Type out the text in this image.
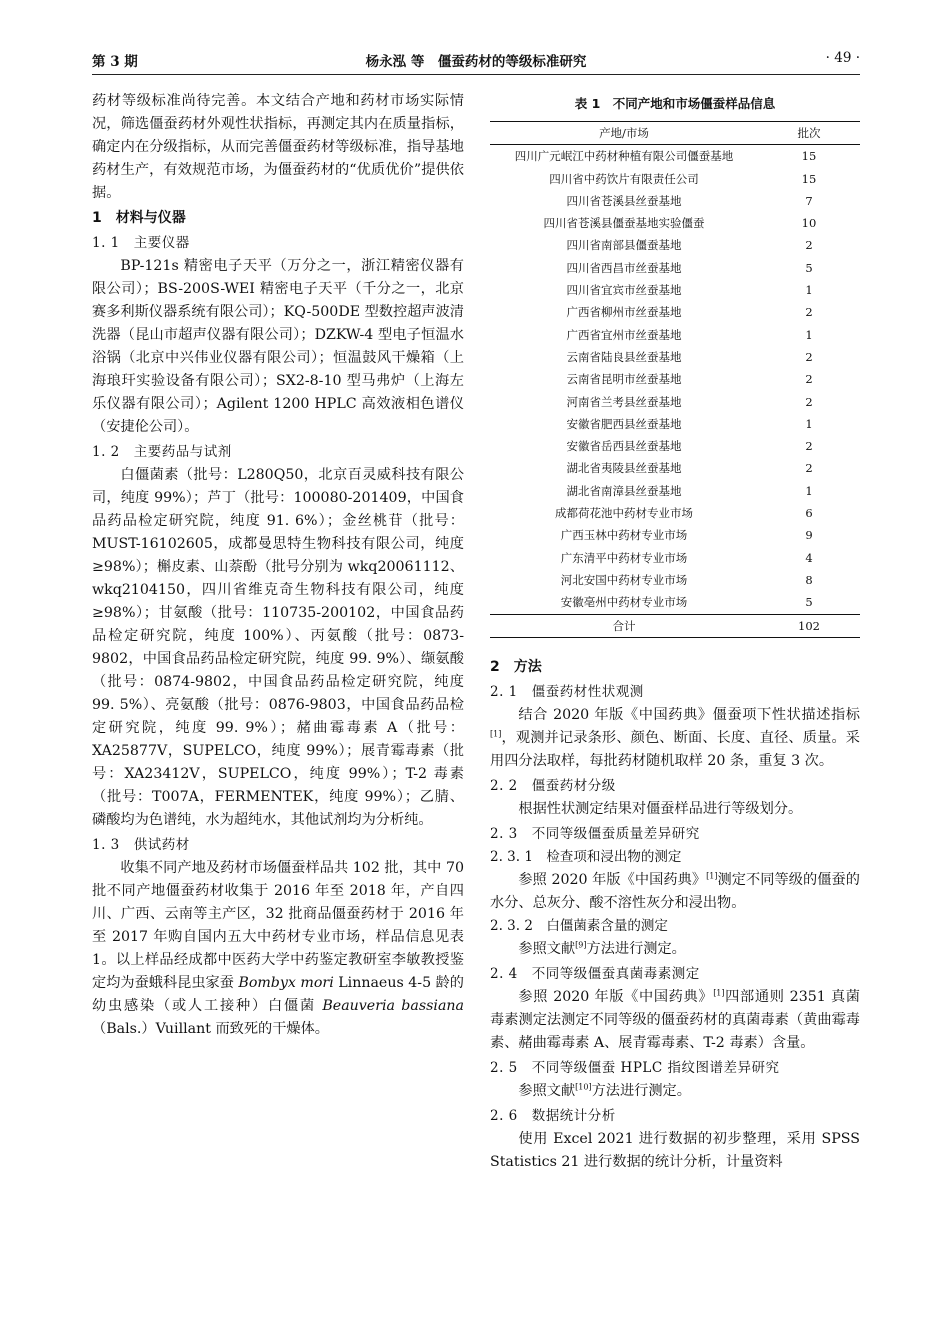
第 3 期	杨永泓 等　僵蚕药材的等级标准研究	· 49 ·

药材等级标准尚待完善。本文结合产地和药材市场实际情况，筛选僵蚕药材外观性状指标，再测定其内在质量指标，确定内在分级指标，从而完善僵蚕药材等级标准，指导基地药材生产，有效规范市场，为僵蚕药材的“优质优价”提供依据。

1　材料与仪器
1. 1　主要仪器

BP-121s 精密电子天平（万分之一，浙江精密仪器有限公司）；BS-200S-WEI 精密电子天平（千分之一，北京赛多利斯仪器系统有限公司）；KQ-500DE 型数控超声波清洗器（昆山市超声仪器有限公司）；DZKW-4 型电子恒温水浴锅（北京中兴伟业仪器有限公司）；恒温鼓风干燥箱（上海琅玕实验设备有限公司）；SX2-8-10 型马弗炉（上海左乐仪器有限公司）；Agilent 1200 HPLC 高效液相色谱仪（安捷伦公司）。

1. 2　主要药品与试剂

白僵菌素（批号：L280Q50，北京百灵威科技有限公司，纯度 99%）；芦丁（批号：100080-201409，中国食品药品检定研究院，纯度 91. 6%）；金丝桃苷（批号：MUST-16102605，成都曼思特生物科技有限公司，纯度≥98%）；槲皮素、山萘酚（批号分别为 wkq20061112、wkq2104150，四川省维克奇生物科技有限公司，纯度≥98%）；甘氨酸（批号：110735-200102，中国食品药品检定研究院，纯度 100%）、丙氨酸（批号：0873-9802，中国食品药品检定研究院，纯度 99. 9%）、缬氨酸（批号：0874-9802，中国食品药品检定研究院，纯度 99. 5%）、亮氨酸（批号：0876-9803，中国食品药品检定研究院，纯度 99. 9%）；赭曲霉毒素 A（批号：XA25877V，SUPELCO，纯度 99%）；展青霉毒素（批号：XA23412V，SUPELCO，纯度 99%）；T-2 毒素（批号：T007A，FERMENTEK，纯度 99%）；乙腈、磷酸均为色谱纯，水为超纯水，其他试剂均为分析纯。

1. 3　供试药材

收集不同产地及药材市场僵蚕样品共 102 批，其中 70 批不同产地僵蚕药材收集于 2016 年至 2018 年，产自四川、广西、云南等主产区，32 批商品僵蚕药材于 2016 年至 2017 年购自国内五大中药材专业市场，样品信息见表 1。以上样品经成都中医药大学中药鉴定教研室李敏教授鉴定均为蚕蛾科昆虫家蚕 Bombyx mori Linnaeus 4-5 龄的幼虫感染（或人工接种）白僵菌 Beauveria bassiana（Bals.）Vuillant 而致死的干燥体。

表 1　不同产地和市场僵蚕样品信息
产地/市场	批次
四川广元岷江中药材种植有限公司僵蚕基地	15
四川省中药饮片有限责任公司	15
四川省苍溪县丝蚕基地	7
四川省苍溪县僵蚕基地实验僵蚕	10
四川省南部县僵蚕基地	2
四川省西昌市丝蚕基地	5
四川省宜宾市丝蚕基地	1
广西省柳州市丝蚕基地	2
广西省宜州市丝蚕基地	1
云南省陆良县丝蚕基地	2
云南省昆明市丝蚕基地	2
河南省兰考县丝蚕基地	2
安徽省肥西县丝蚕基地	1
安徽省岳西县丝蚕基地	2
湖北省夷陵县丝蚕基地	2
湖北省南漳县丝蚕基地	1
成都荷花池中药材专业市场	6
广西玉林中药材专业市场	9
广东清平中药材专业市场	4
河北安国中药材专业市场	8
安徽亳州中药材专业市场	5
合计	102
2　方法
2. 1　僵蚕药材性状观测

结合 2020 年版《中国药典》僵蚕项下性状描述指标[1]，观测并记录条形、颜色、断面、长度、直径、质量。采用四分法取样，每批药材随机取样 20 条，重复 3 次。

2. 2　僵蚕药材分级

根据性状测定结果对僵蚕样品进行等级划分。

2. 3　不同等级僵蚕质量差异研究
2. 3. 1　检查项和浸出物的测定

参照 2020 年版《中国药典》[1]测定不同等级的僵蚕的水分、总灰分、酸不溶性灰分和浸出物。

2. 3. 2　白僵菌素含量的测定

参照文献[9]方法进行测定。

2. 4　不同等级僵蚕真菌毒素测定

参照 2020 年版《中国药典》[1]四部通则 2351 真菌毒素测定法测定不同等级的僵蚕药材的真菌毒素（黄曲霉毒素、赭曲霉毒素 A、展青霉毒素、T-2 毒素）含量。

2. 5　不同等级僵蚕 HPLC 指纹图谱差异研究

参照文献[10]方法进行测定。

2. 6　数据统计分析

使用 Excel 2021 进行数据的初步整理，采用 SPSS Statistics 21 进行数据的统计分析，计量资料
